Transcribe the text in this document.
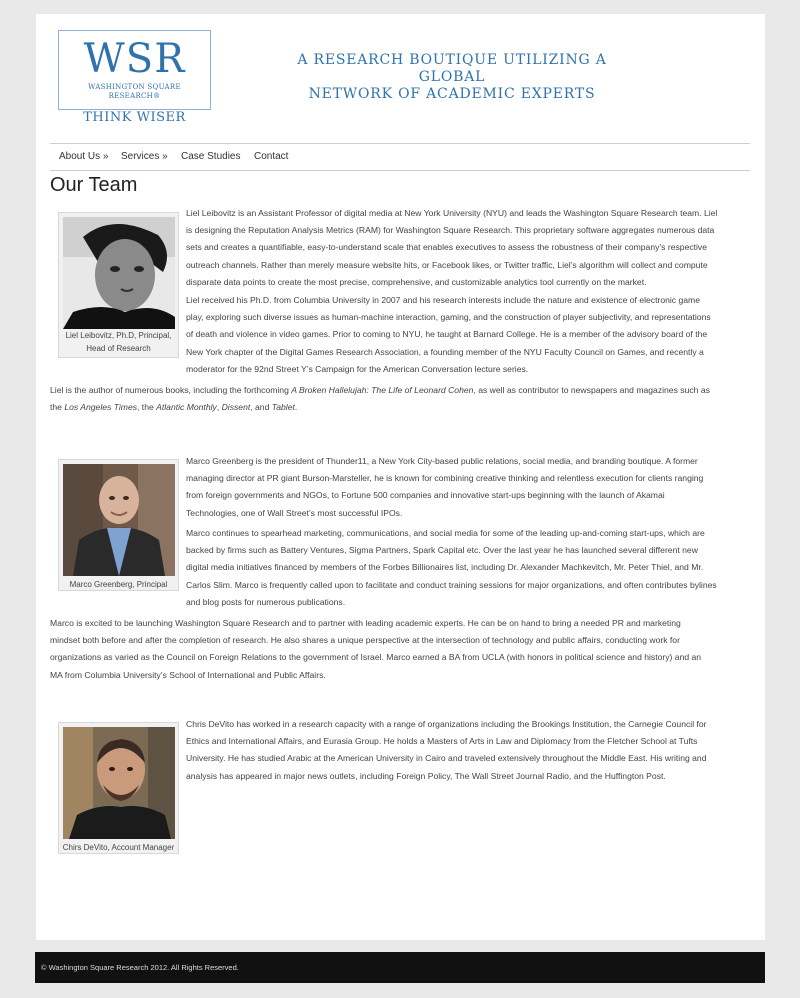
WSR
WASHINGTON SQUARE
RESEARCH®
THINK WISER
A RESEARCH BOUTIQUE UTILIZING A GLOBAL
NETWORK OF ACADEMIC EXPERTS
About Us » Services » Case Studies Contact
Our Team
Liel Leibovitz, Ph.D, Principal,
Head of Research
Liel Leibovitz is an Assistant Professor of digital media at New York University (NYU) and leads the Washington Square Research team. Liel
is designing the Reputation Analysis Metrics (RAM) for Washington Square Research. This proprietary software aggregates numerous data
sets and creates a quantifiable, easy-to-understand scale that enables executives to assess the robustness of their company’s respective
outreach channels. Rather than merely measure website hits, or Facebook likes, or Twitter traffic, Liel’s algorithm will collect and compute
disparate data points to create the most precise, comprehensive, and customizable analytics tool currently on the market.
Liel received his Ph.D. from Columbia University in 2007 and his research interests include the nature and existence of electronic game
play, exploring such diverse issues as human-machine interaction, gaming, and the construction of player subjectivity, and representations
of death and violence in video games. Prior to coming to NYU, he taught at Barnard College. He is a member of the advisory board of the
New York chapter of the Digital Games Research Association, a founding member of the NYU Faculty Council on Games, and recently a
moderator for the 92nd Street Y’s Campaign for the American Conversation lecture series.
Liel is the author of numerous books, including the forthcoming A Broken Hallelujah: The Life of Leonard Cohen, as well as contributor to newspapers and magazines such as
the Los Angeles Times, the Atlantic Monthly, Dissent, and Tablet.
Marco Greenberg, Principal
Marco Greenberg is the president of Thunder11, a New York City-based public relations, social media, and branding boutique. A former
managing director at PR giant Burson-Marsteller, he is known for combining creative thinking and relentless execution for clients ranging
from foreign governments and NGOs, to Fortune 500 companies and innovative start-ups beginning with the launch of Akamai
Technologies, one of Wall Street’s most successful IPOs.
Marco continues to spearhead marketing, communications, and social media for some of the leading up-and-coming start-ups, which are
backed by firms such as Battery Ventures, Sigma Partners, Spark Capital etc. Over the last year he has launched several different new
digital media initiatives financed by members of the Forbes Billionaires list, including Dr. Alexander Machkevitch, Mr. Peter Thiel, and Mr.
Carlos Slim. Marco is frequently called upon to facilitate and conduct training sessions for major organizations, and often contributes bylines
and blog posts for numerous publications.
Marco is excited to be launching Washington Square Research and to partner with leading academic experts. He can be on hand to bring a needed PR and marketing
mindset both before and after the completion of research. He also shares a unique perspective at the intersection of technology and public affairs, conducting work for
organizations as varied as the Council on Foreign Relations to the government of Israel. Marco earned a BA from UCLA (with honors in political science and history) and an
MA from Columbia University’s School of International and Public Affairs.
Chirs DeVito, Account Manager
Chris DeVito has worked in a research capacity with a range of organizations including the Brookings Institution, the Carnegie Council for
Ethics and International Affairs, and Eurasia Group. He holds a Masters of Arts in Law and Diplomacy from the Fletcher School at Tufts
University. He has studied Arabic at the American University in Cairo and traveled extensively throughout the Middle East. His writing and
analysis has appeared in major news outlets, including Foreign Policy, The Wall Street Journal Radio, and the Huffington Post.
© Washington Square Research 2012. All Rights Reserved.
